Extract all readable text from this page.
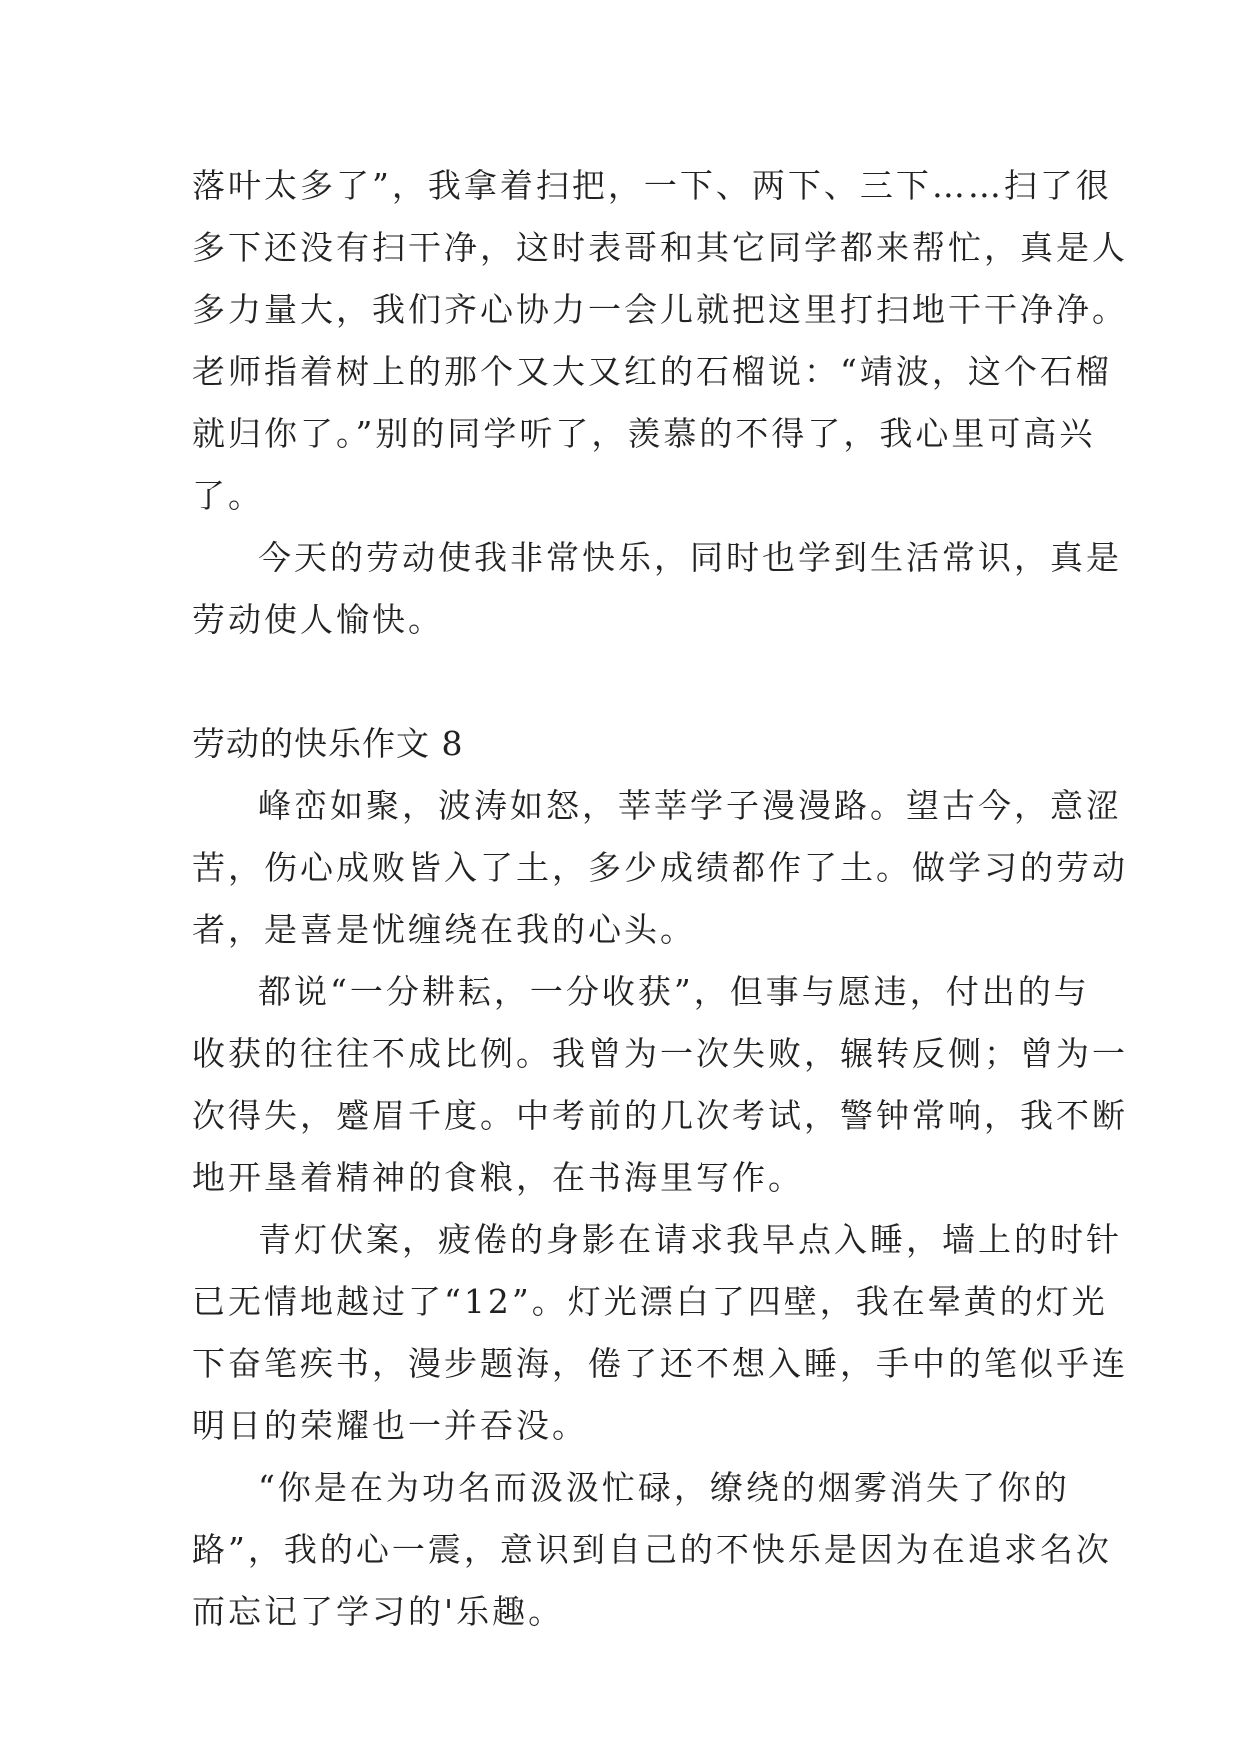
落叶太多了”，我拿着扫把，一下、两下、三下……扫了很
多下还没有扫干净，这时表哥和其它同学都来帮忙，真是人
多力量大，我们齐心协力一会儿就把这里打扫地干干净净。
老师指着树上的那个又大又红的石榴说：“靖波，这个石榴
就归你了。”别的同学听了，羡慕的不得了，我心里可高兴
了。
今天的劳动使我非常快乐，同时也学到生活常识，真是
劳动使人愉快。
劳动的快乐作文 8
峰峦如聚，波涛如怒，莘莘学子漫漫路。望古今，意涩
苦，伤心成败皆入了土，多少成绩都作了土。做学习的劳动
者，是喜是忧缠绕在我的心头。
都说“一分耕耘，一分收获”，但事与愿违，付出的与
收获的往往不成比例。我曾为一次失败，辗转反侧；曾为一
次得失，蹙眉千度。中考前的几次考试，警钟常响，我不断
地开垦着精神的食粮，在书海里写作。
青灯伏案，疲倦的身影在请求我早点入睡，墙上的时针
已无情地越过了“12”。灯光漂白了四壁，我在晕黄的灯光
下奋笔疾书，漫步题海，倦了还不想入睡，手中的笔似乎连
明日的荣耀也一并吞没。
“你是在为功名而汲汲忙碌，缭绕的烟雾消失了你的
路”，我的心一震，意识到自己的不快乐是因为在追求名次
而忘记了学习的'乐趣。
